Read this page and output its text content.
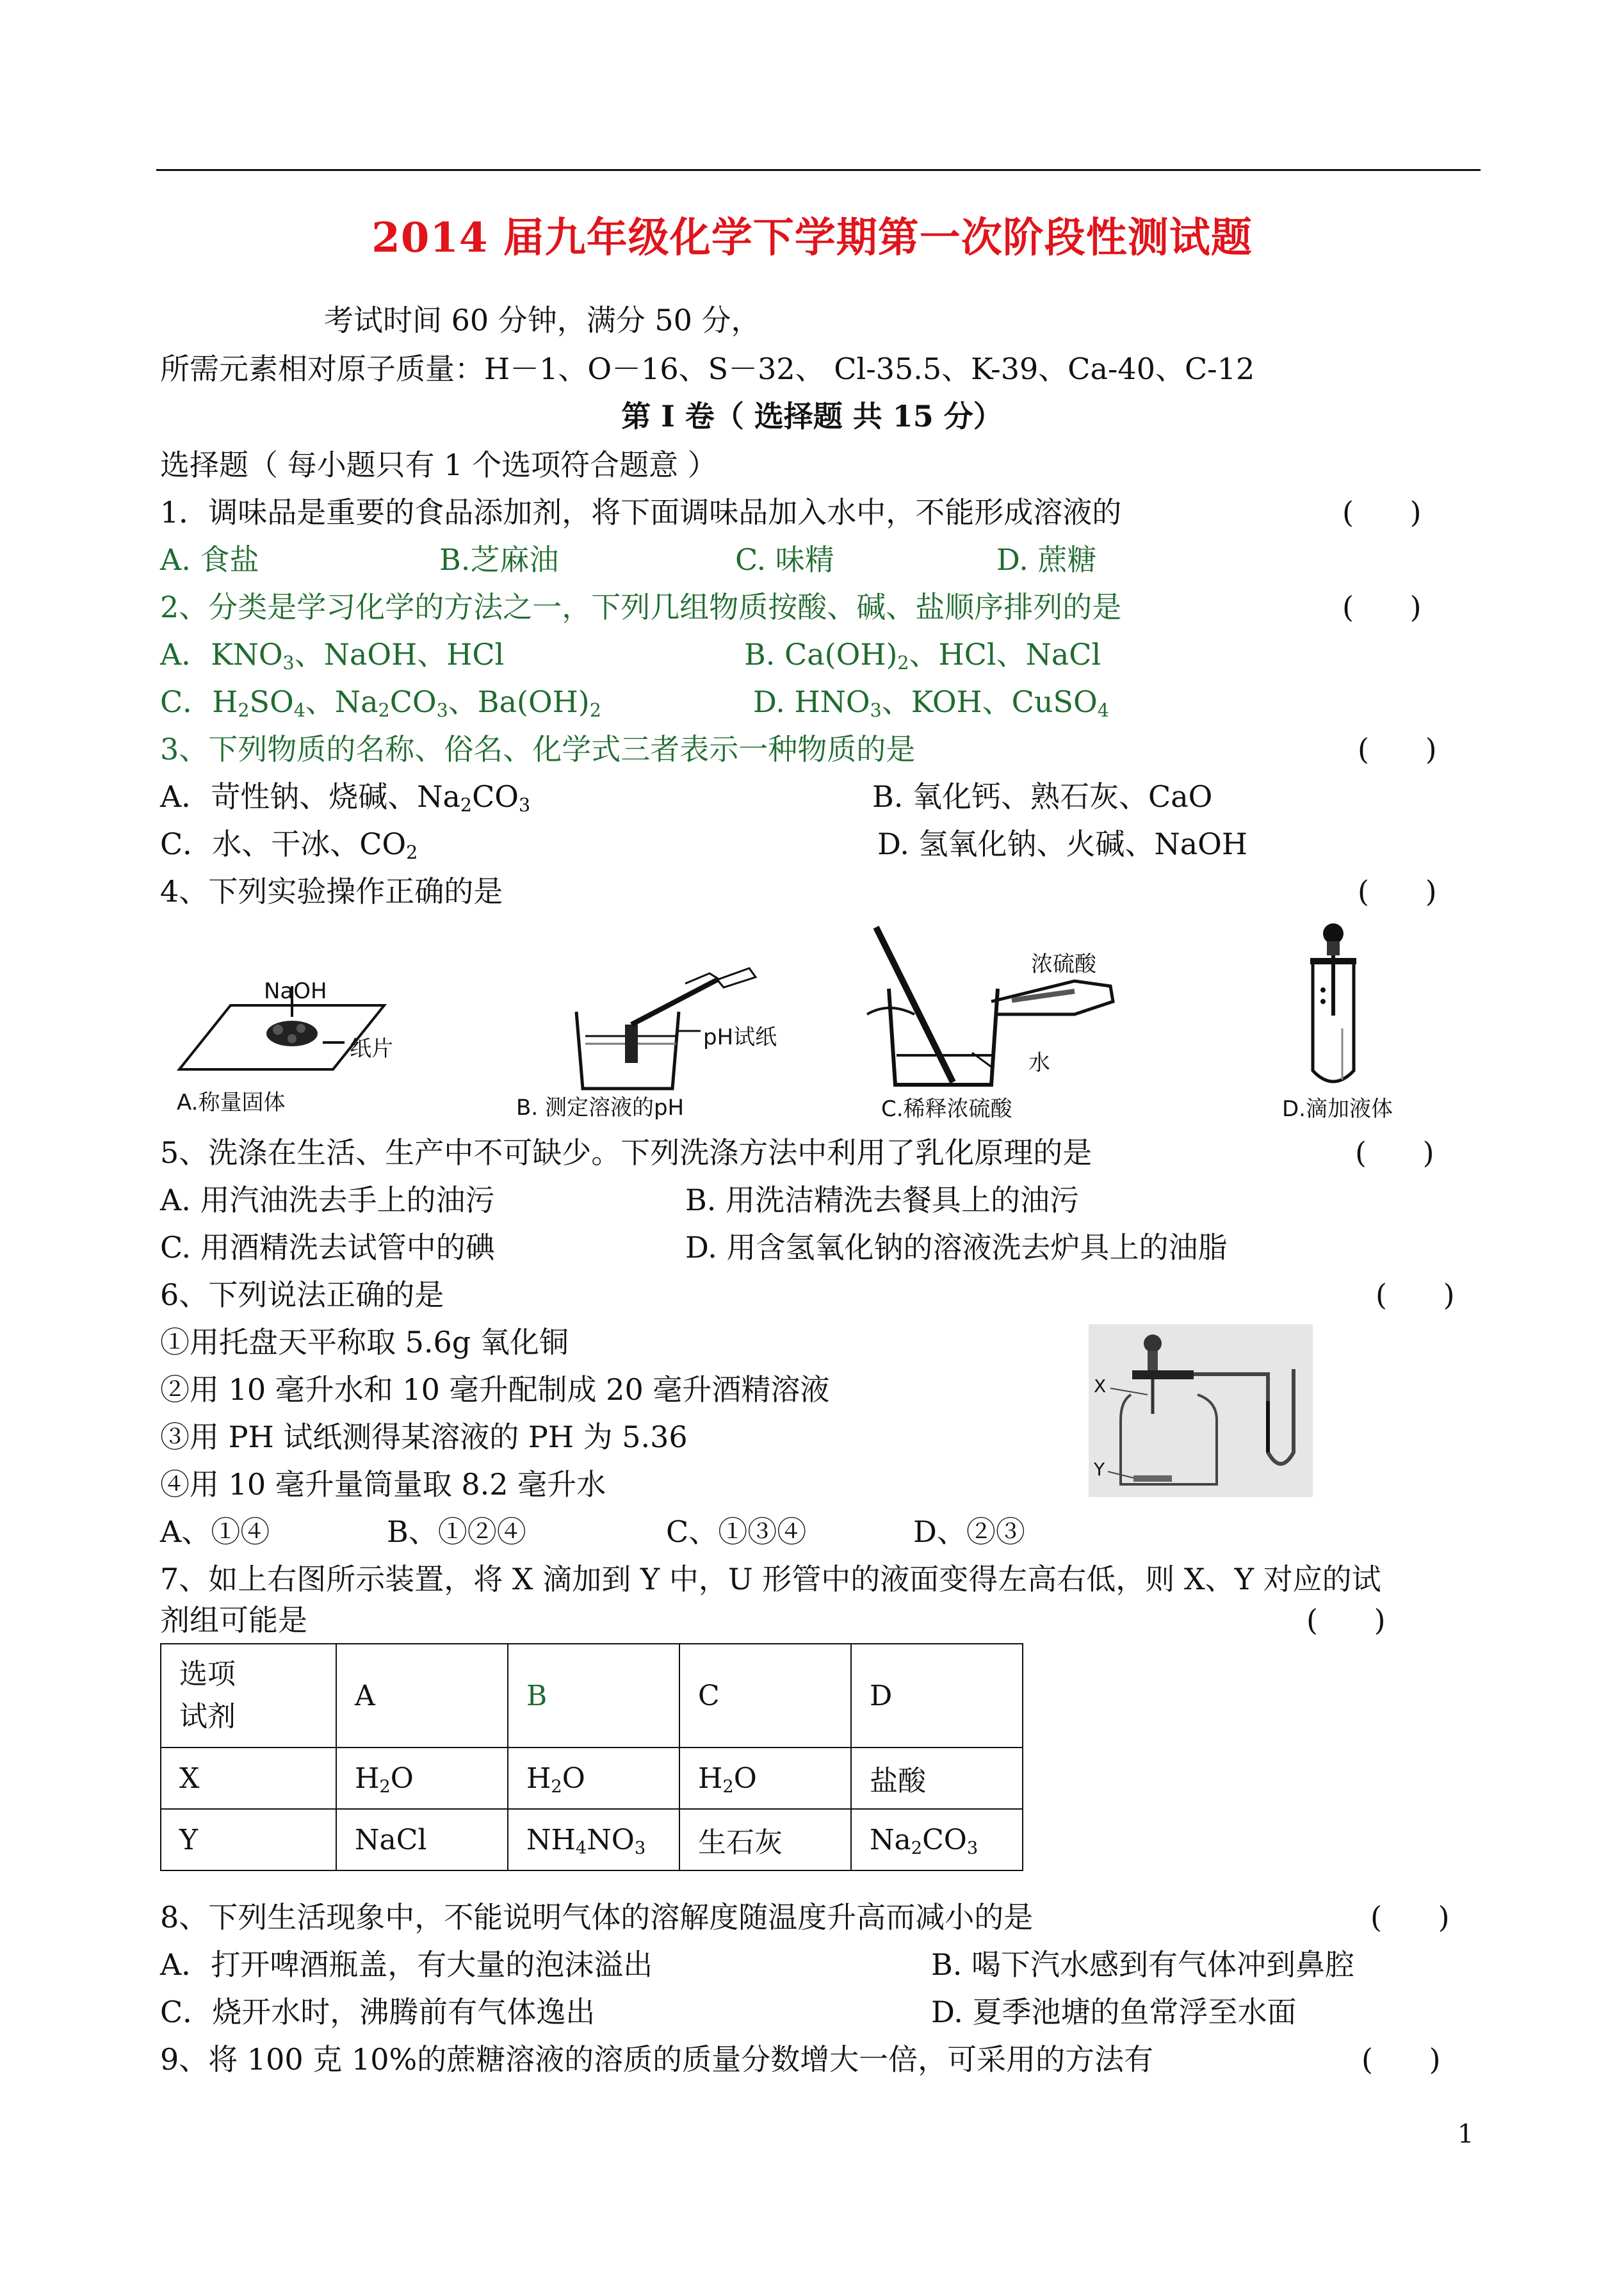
2014 届九年级化学下学期第一次阶段性测试题
考试时间 60 分钟，满分 50 分，
所需元素相对原子质量：H－1、O－16、S－32、 Cl-35.5、K-39、Ca-40、C-12
第 I 卷（ 选择题 共 15 分）
选择题（ 每小题只有 1 个选项符合题意 ）
1．调味品是重要的食品添加剂，将下面调味品加入水中，不能形成溶液的	(      )
A. 食盐	B.芝麻油	C. 味精	D. 蔗糖
2、分类是学习化学的方法之一，下列几组物质按酸、碱、盐顺序排列的是	(      )
A．$KNO_3$、NaOH、HCl	B. $Ca(OH)_2$、HCl、NaCl
C．$H_2SO_4$、$Na_2CO_3$、$Ba(OH)_2$	D. $HNO_3$、KOH、CuSO$_4$
3、下列物质的名称、俗名、化学式三者表示一种物质的是	(      )
A．苛性钠、烧碱、$Na_2CO_3$	B. 氧化钙、熟石灰、CaO
C．水、干冰、$CO_2$	D. 氢氧化钠、火碱、NaOH
4、下列实验操作正确的是	(      )
NaOH
纸片
A.称量固体
pH试纸
B. 测定溶液的pH
浓硫酸
水
C.稀释浓硫酸	D.滴加液体
5、洗涤在生活、生产中不可缺少。下列洗涤方法中利用了乳化原理的是	(      )
A. 用汽油洗去手上的油污	B. 用洗洁精洗去餐具上的油污
C. 用酒精洗去试管中的碘	D. 用含氢氧化钠的溶液洗去炉具上的油脂
6、下列说法正确的是	(      )
①用托盘天平称取 5.6g 氧化铜
②用 10 毫升水和 10 毫升配制成 20 毫升酒精溶液
③用 PH 试纸测得某溶液的 PH 为 5.36
④用 10 毫升量筒量取 8.2 毫升水
A、①④	B、①②④	C、①③④	D、②③
X
Y
7、如上右图所示装置，将 X 滴加到 Y 中，U 形管中的液面变得左高右低，则 X、Y 对应的试
剂组可能是	(      )
选项
试剂	A	B	C	D
X	$H_2O$	$H_2O$	$H_2O$	盐酸
Y	NaCl	$NH_4NO_3$	生石灰	$Na_2CO_3$
8、下列生活现象中，不能说明气体的溶解度随温度升高而减小的是	(      )
A．打开啤酒瓶盖，有大量的泡沫溢出	B. 喝下汽水感到有气体冲到鼻腔
C．烧开水时，沸腾前有气体逸出	D. 夏季池塘的鱼常浮至水面
9、将 100 克 10%的蔗糖溶液的溶质的质量分数增大一倍，可采用的方法有	(      )
1
